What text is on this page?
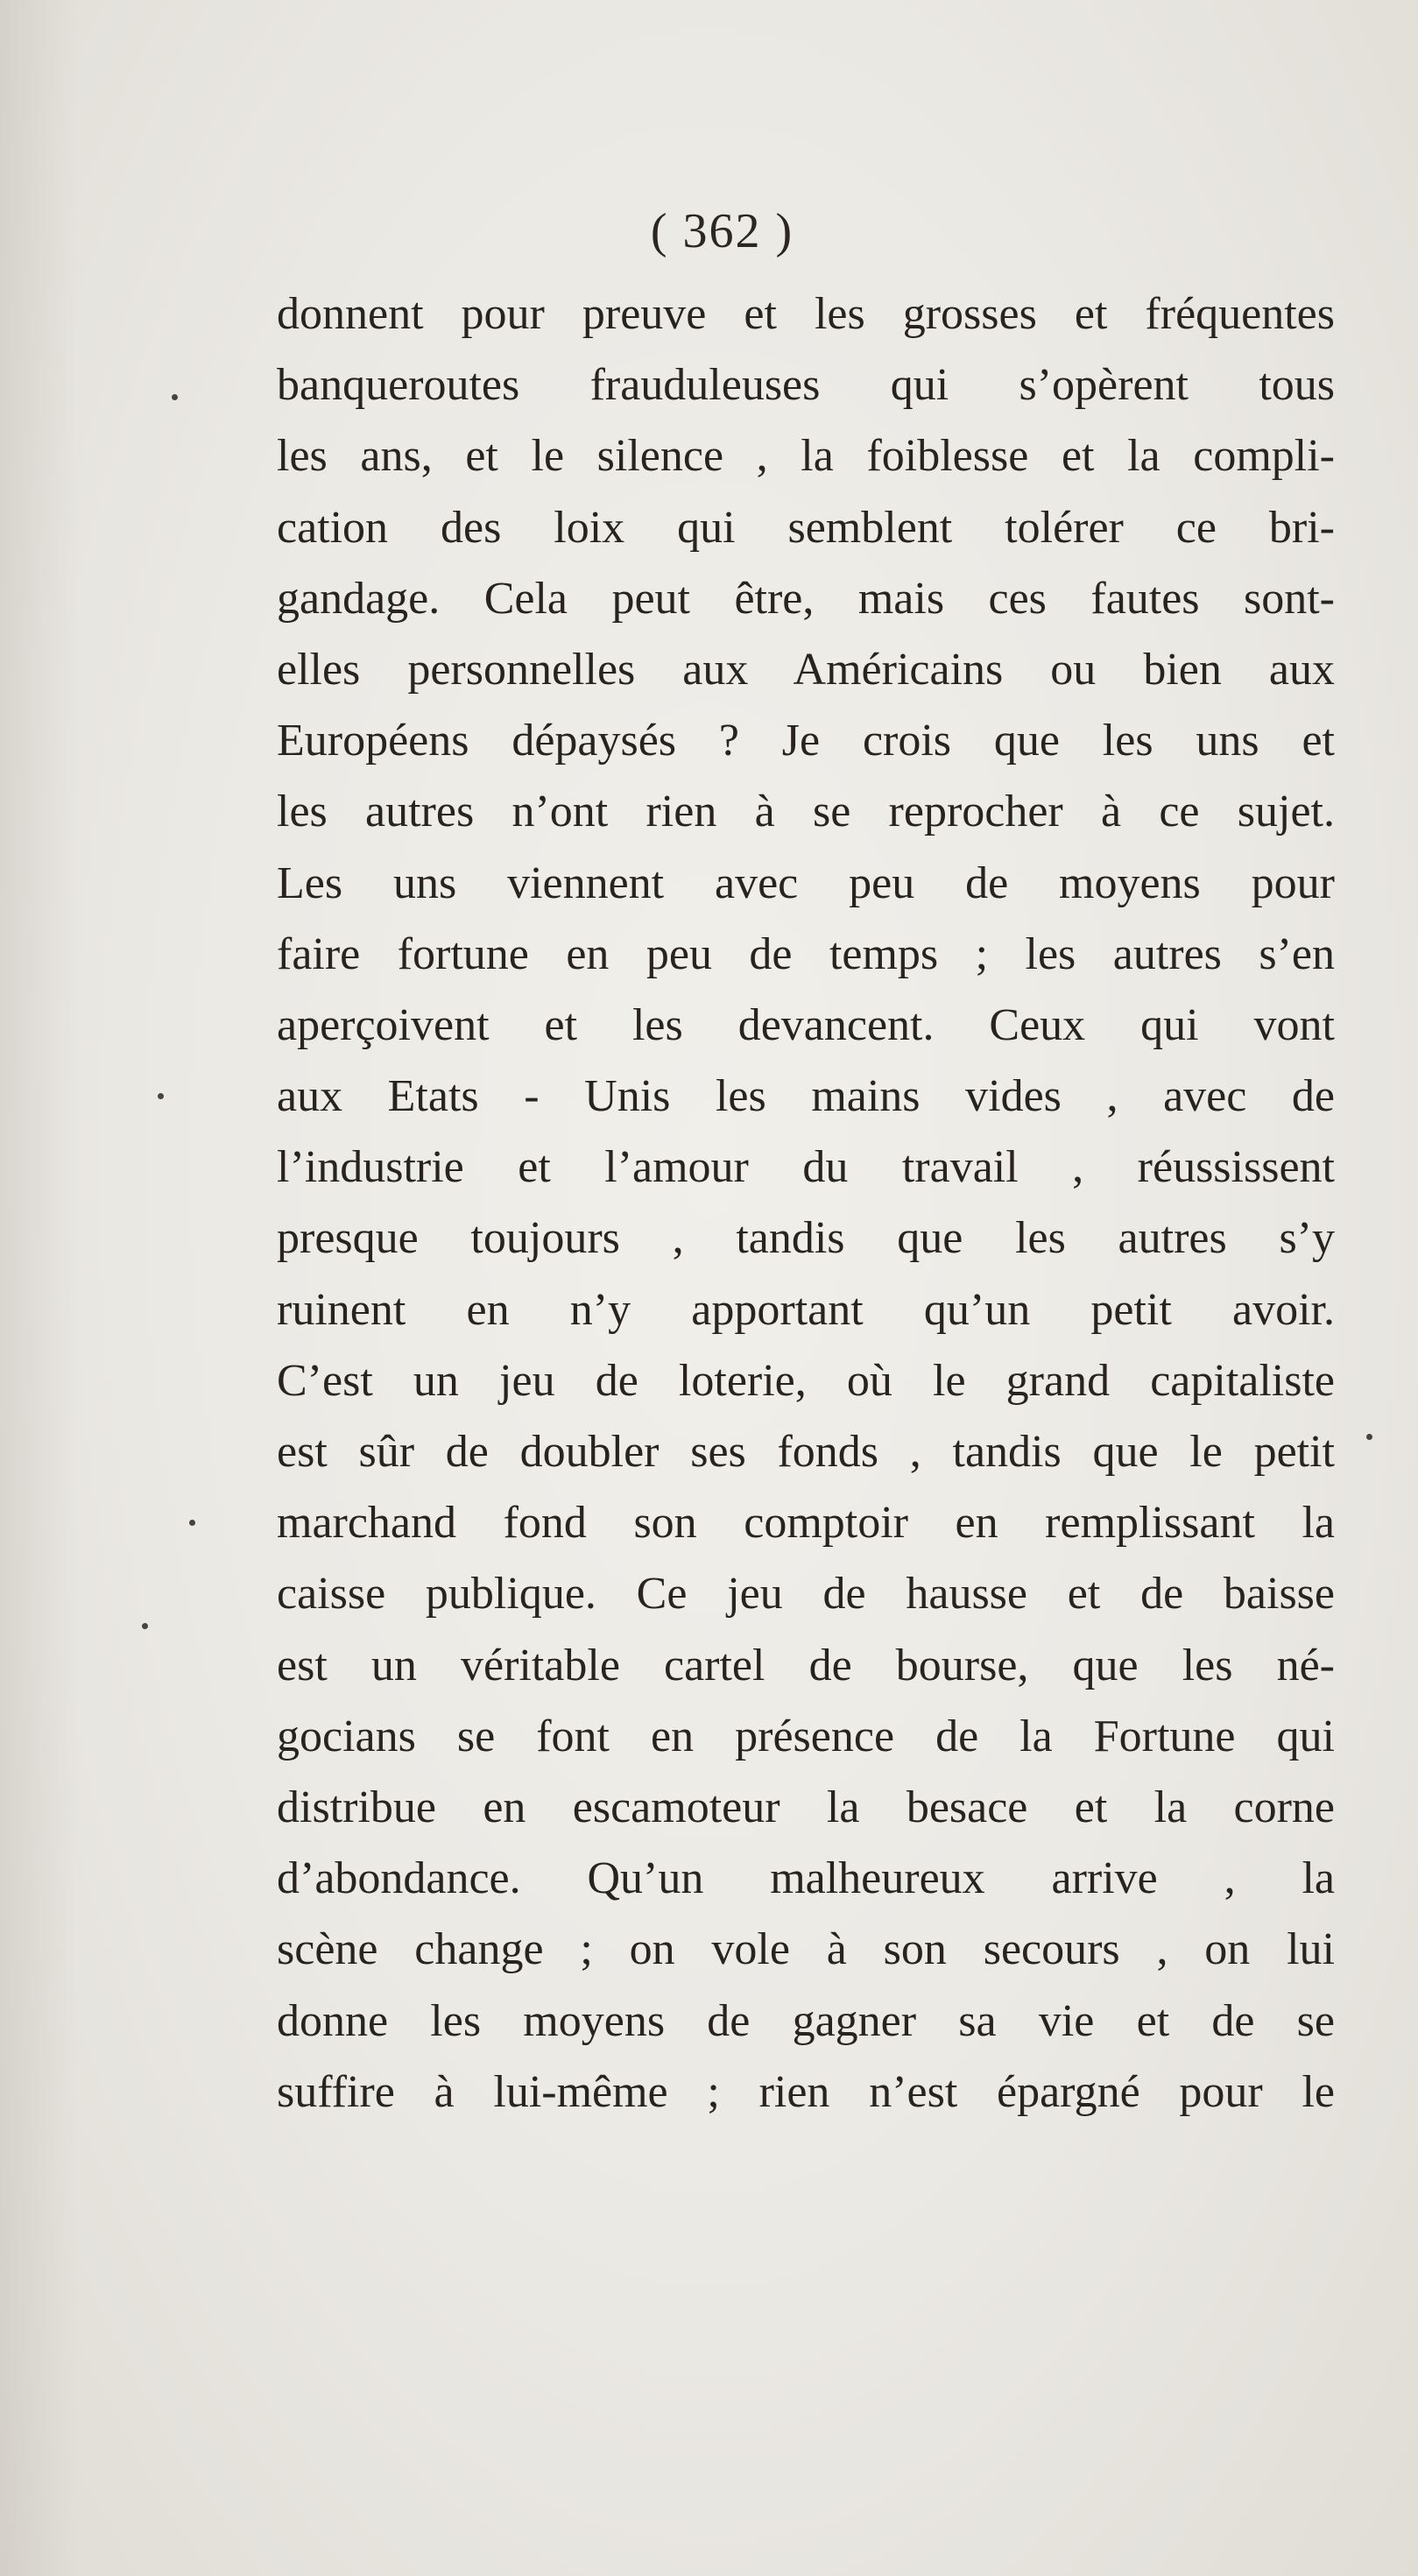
( 362 )
donnent pour preuve et les grosses et fréquentes
banqueroutes frauduleuses qui s’opèrent tous
les ans, et le silence , la foiblesse et la compli-
cation des loix qui semblent tolérer ce bri-
gandage. Cela peut être, mais ces fautes sont-
elles personnelles aux Américains ou bien aux
Européens dépaysés ? Je crois que les uns et
les autres n’ont rien à se reprocher à ce sujet.
Les uns viennent avec peu de moyens pour
faire fortune en peu de temps ; les autres s’en
aperçoivent et les devancent. Ceux qui vont
aux Etats - Unis les mains vides , avec de
l’industrie et l’amour du travail , réussissent
presque toujours , tandis que les autres s’y
ruinent en n’y apportant qu’un petit avoir.
C’est un jeu de loterie, où le grand capitaliste
est sûr de doubler ses fonds , tandis que le petit
marchand fond son comptoir en remplissant la
caisse publique. Ce jeu de hausse et de baisse
est un véritable cartel de bourse, que les né-
gocians se font en présence de la Fortune qui
distribue en escamoteur la besace et la corne
d’abondance. Qu’un malheureux arrive , la
scène change ; on vole à son secours , on lui
donne les moyens de gagner sa vie et de se
suffire à lui-même ; rien n’est épargné pour le
